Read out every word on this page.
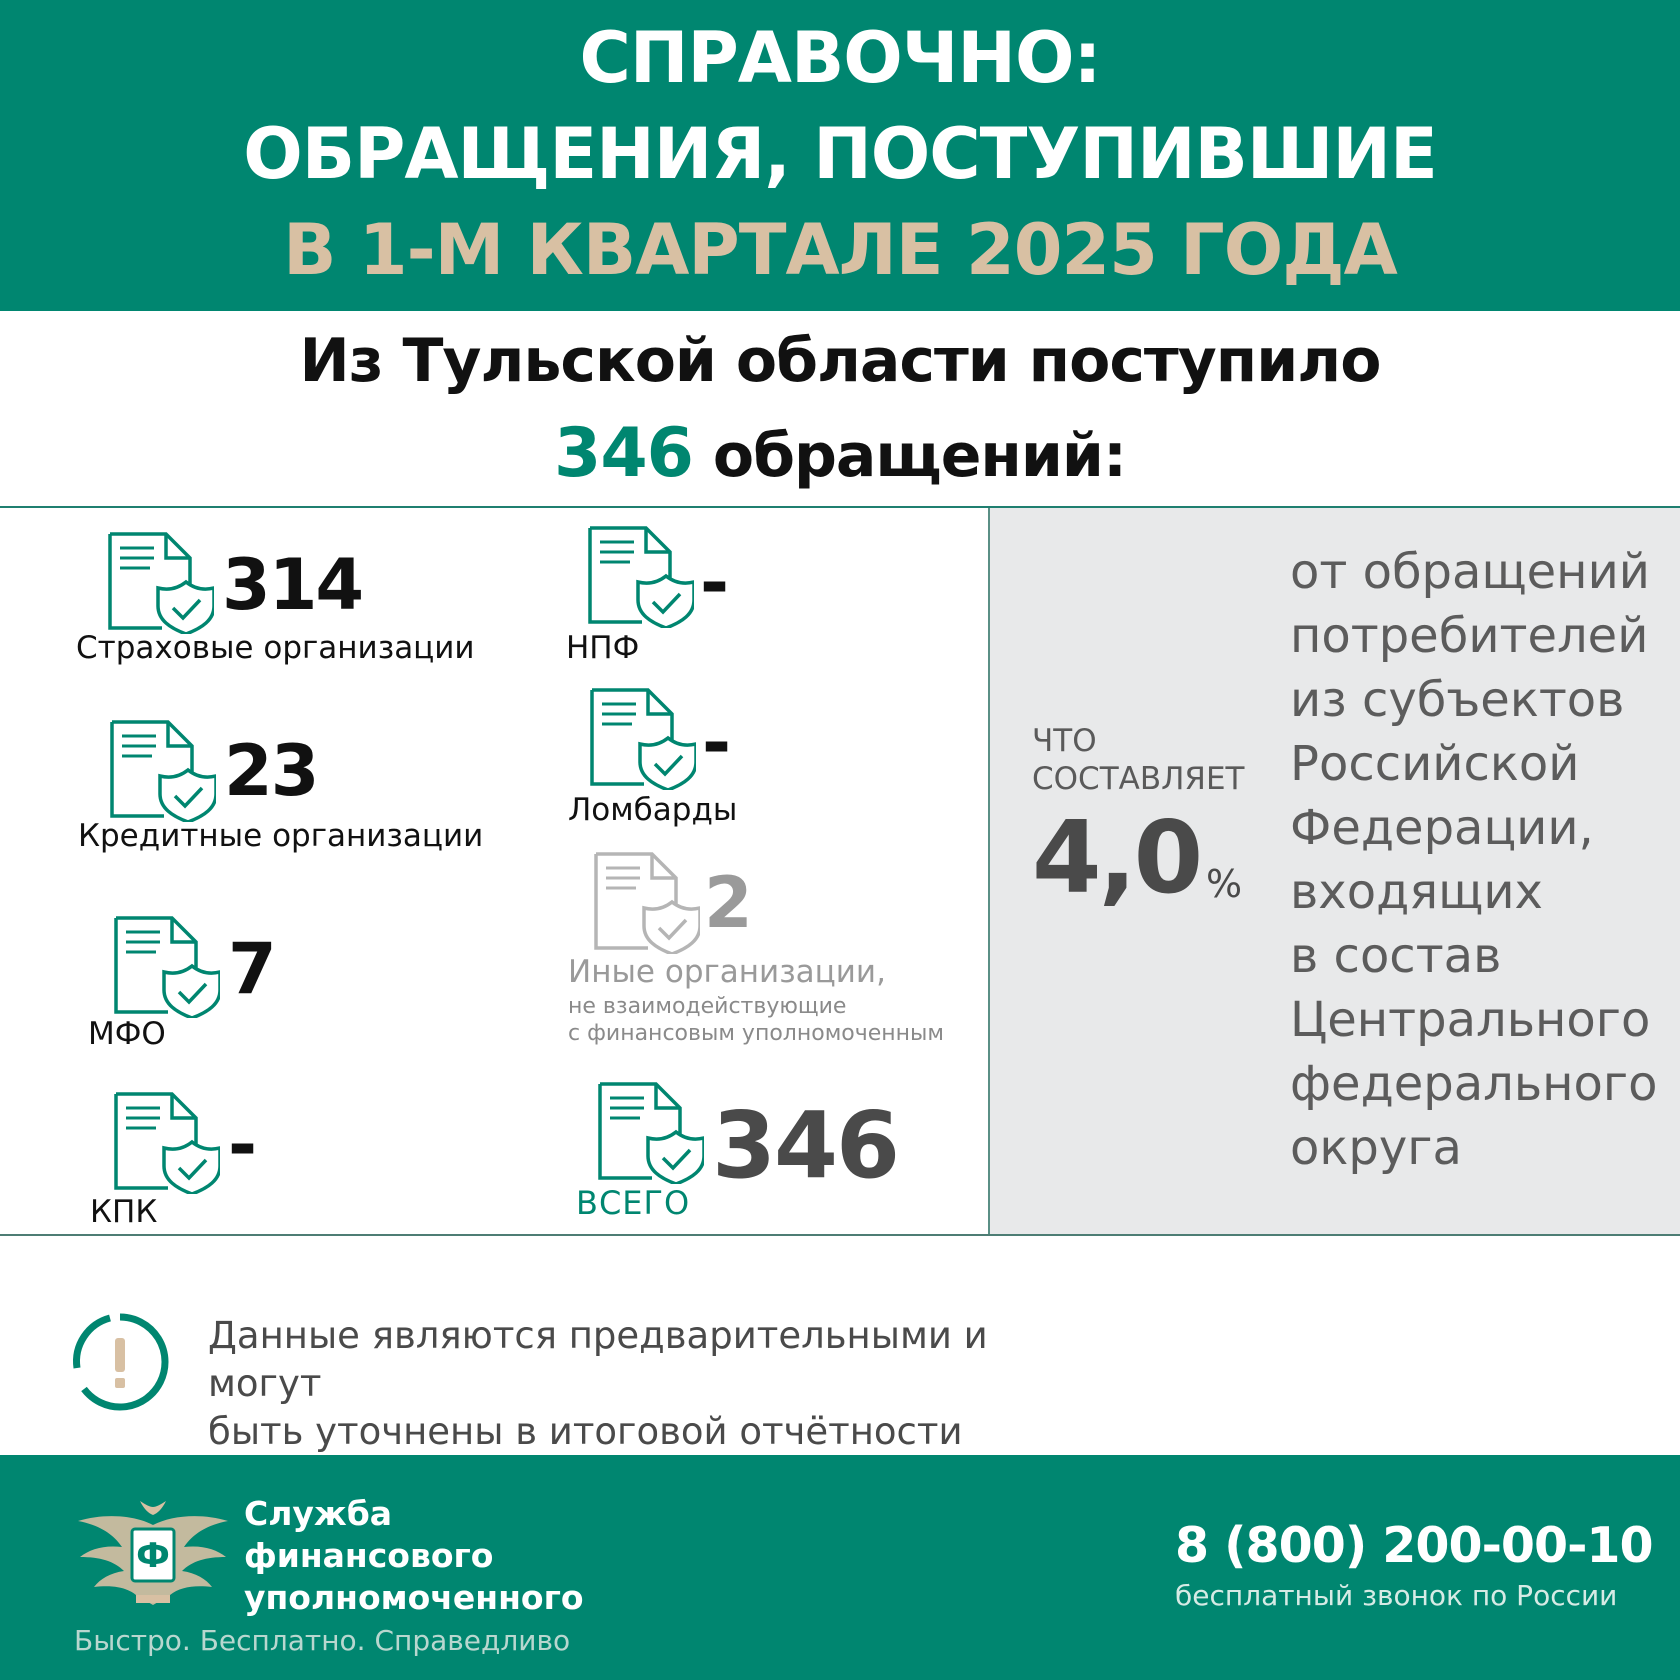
СПРАВОЧНО:
ОБРАЩЕНИЯ, ПОСТУПИВШИЕ
В 1-М КВАРТАЛЕ 2025 ГОДА
Из Тульской области поступило
346 обращений:
314
Страховые организации
23
Кредитные организации
7
МФО
-
КПК
-
НПФ
-
Ломбарды
2
Иные организации,
не взаимодействующие
с финансовым уполномоченным
346
ВСЕГО
ЧТО
СОСТАВЛЯЕТ
4,0 %
от обращений
потребителей
из субъектов
Российской
Федерации,
входящих
в состав
Центрального
федерального
округа
Данные являются предварительными и могут
быть уточнены в итоговой отчётности
Ф
Служба
финансового
уполномоченного
Быстро. Бесплатно. Справедливо
8 (800) 200-00-10
бесплатный звонок по России
